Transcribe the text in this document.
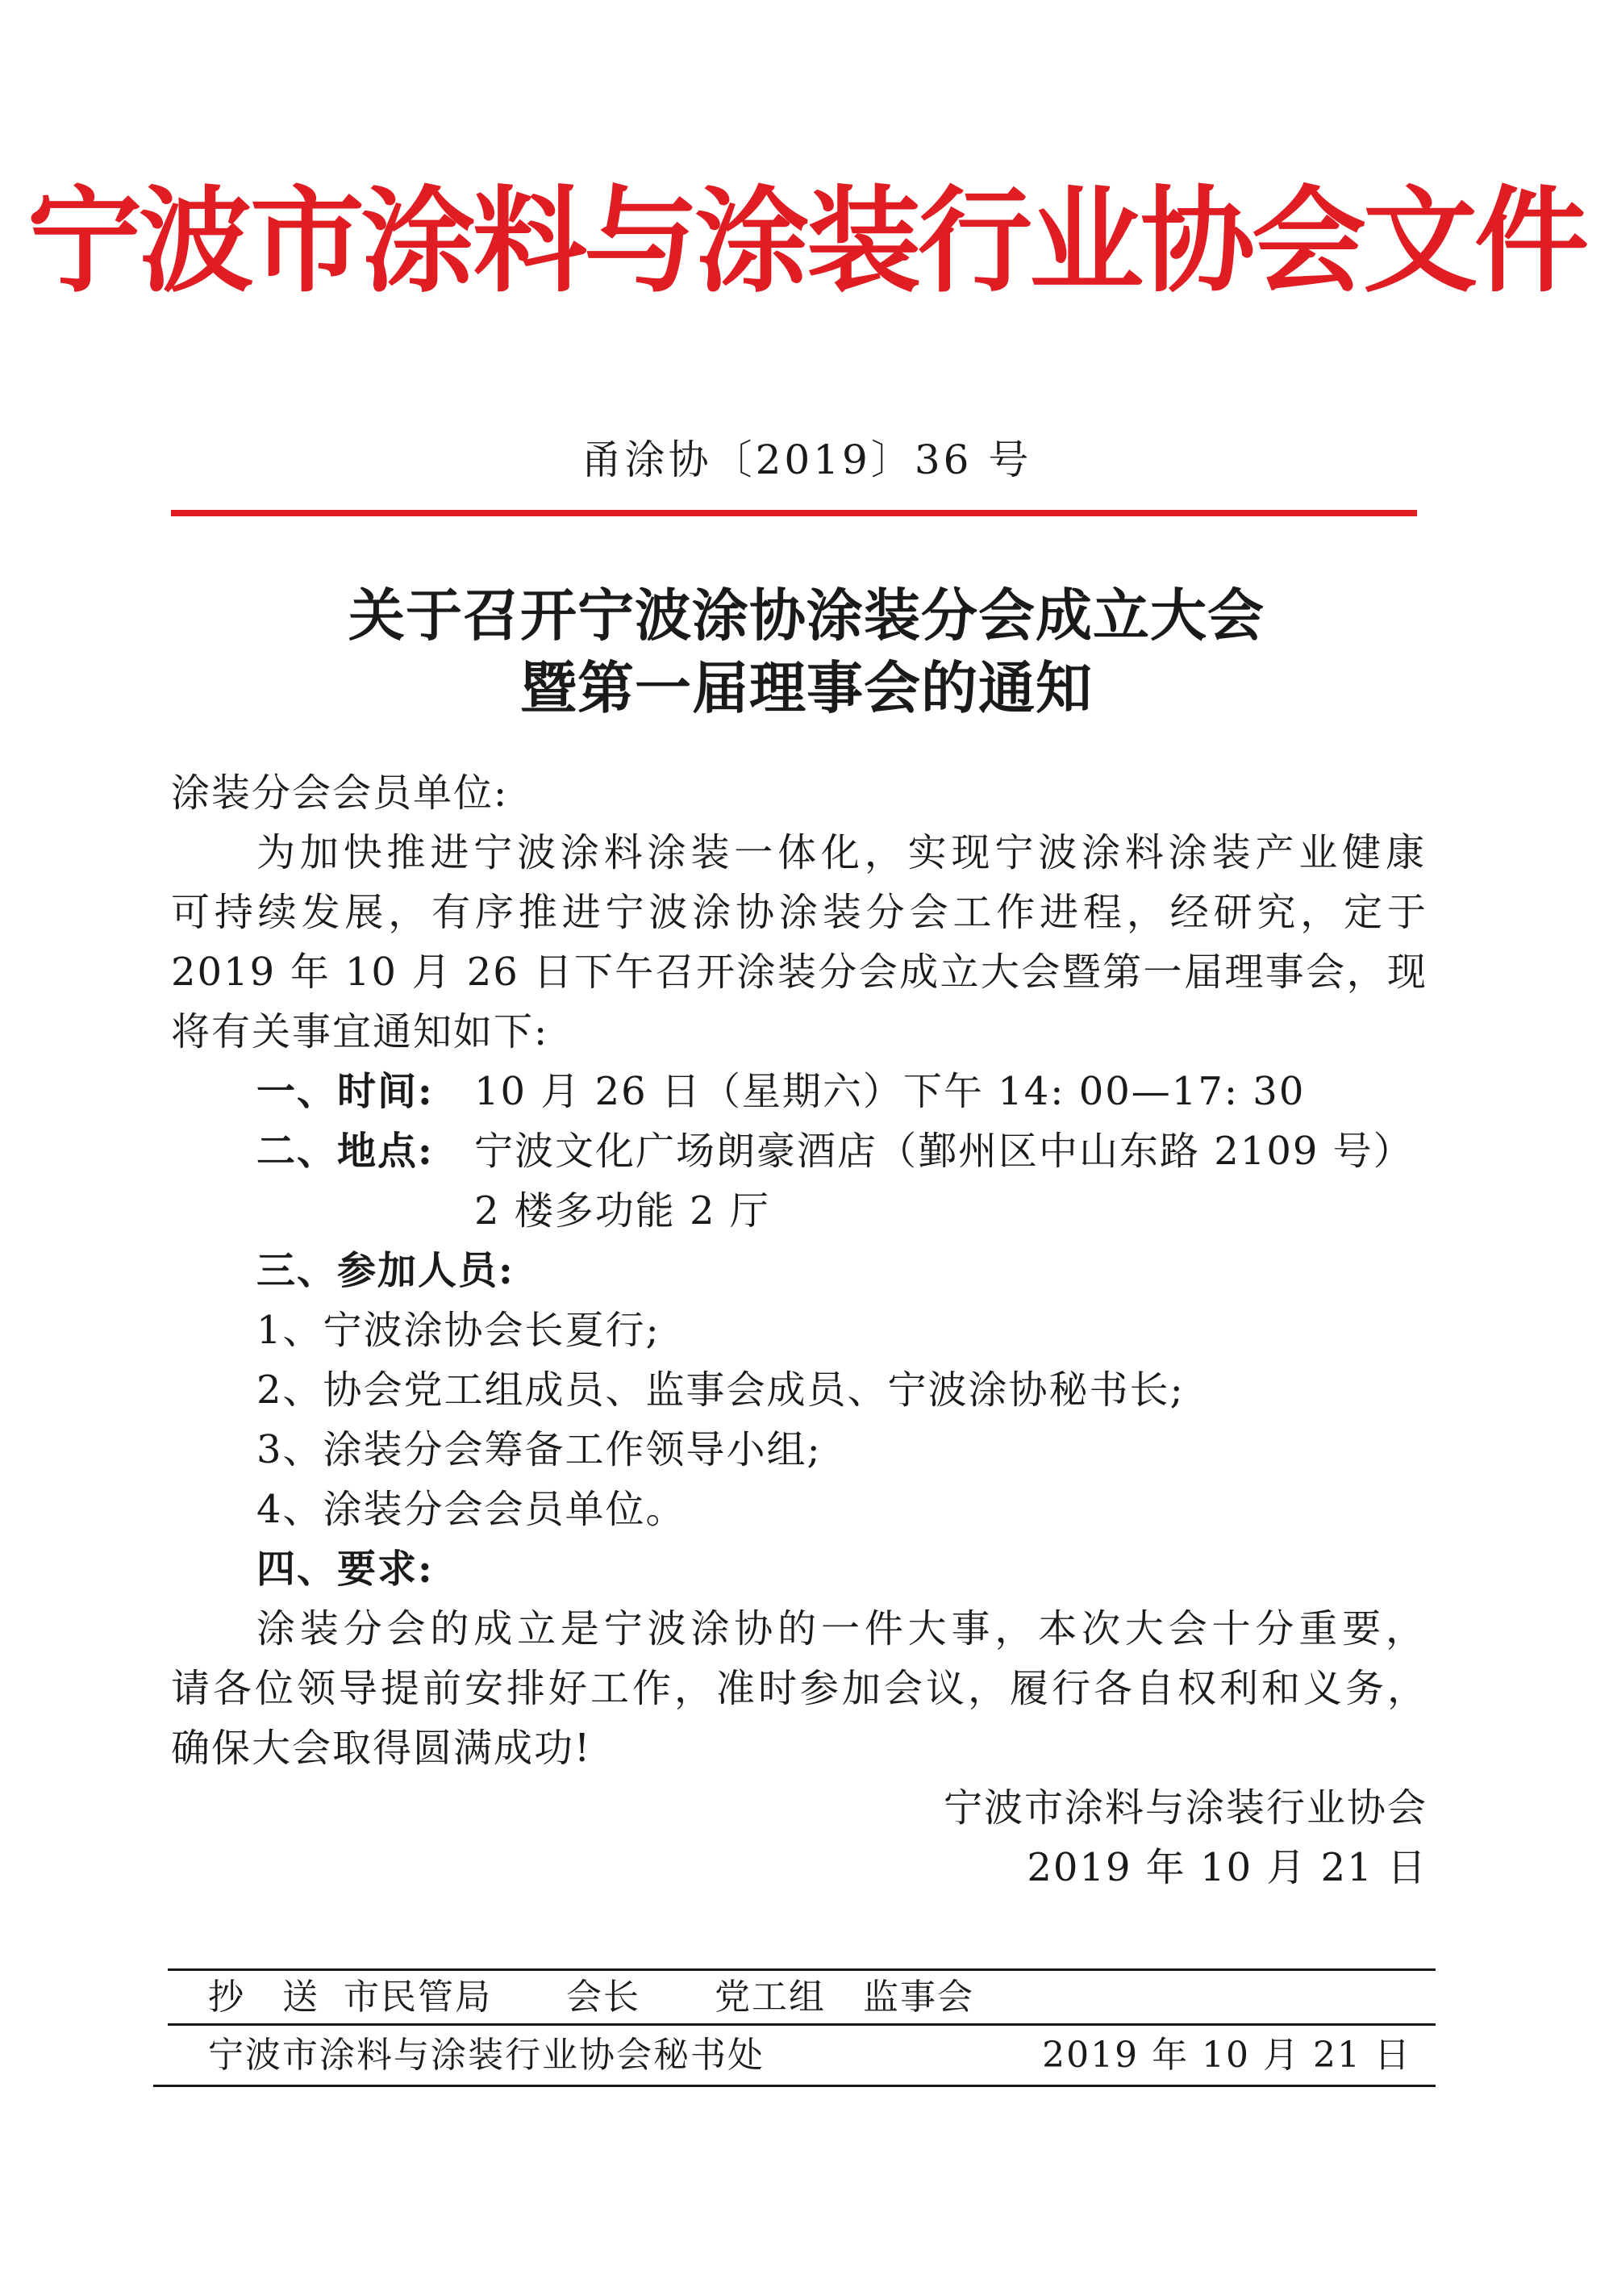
宁波市涂料与涂装行业协会文件
甬涂协〔2019〕36 号
关于召开宁波涂协涂装分会成立大会
暨第一届理事会的通知
涂装分会会员单位:
为加快推进宁波涂料涂装一体化，实现宁波涂料涂装产业健康
可持续发展，有序推进宁波涂协涂装分会工作进程，经研究，定于
2019 年 10 月 26 日下午召开涂装分会成立大会暨第一届理事会，现
将有关事宜通知如下:
一、时间: 10 月 26 日（星期六）下午 14: 00—17: 30
二、地点: 宁波文化广场朗豪酒店（鄞州区中山东路 2109 号）
2 楼多功能 2 厅
三、参加人员:
1、宁波涂协会长夏行;
2、协会党工组成员、监事会成员、宁波涂协秘书长;
3、涂装分会筹备工作领导小组;
4、涂装分会会员单位。
四、要求:
涂装分会的成立是宁波涂协的一件大事，本次大会十分重要，
请各位领导提前安排好工作，准时参加会议，履行各自权利和义务，
确保大会取得圆满成功!
宁波市涂料与涂装行业协会
2019 年 10 月 21 日
抄　送 市民管局　　会长　　党工组　监事会
宁波市涂料与涂装行业协会秘书处	2019 年 10 月 21 日
